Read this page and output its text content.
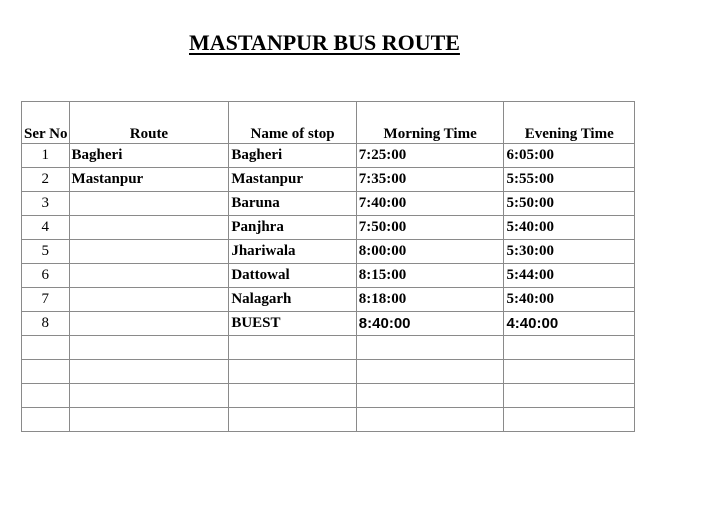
MASTANPUR BUS ROUTE

Ser No	Route	Name of stop	Morning Time	Evening Time
1	Bagheri	Bagheri	7:25:00	6:05:00
2	Mastanpur	Mastanpur	7:35:00	5:55:00
3		Baruna	7:40:00	5:50:00
4		Panjhra	7:50:00	5:40:00
5		Jhariwala	8:00:00	5:30:00
6		Dattowal	8:15:00	5:44:00
7		Nalagarh	8:18:00	5:40:00
8		BUEST	8:40:00	4:40:00
